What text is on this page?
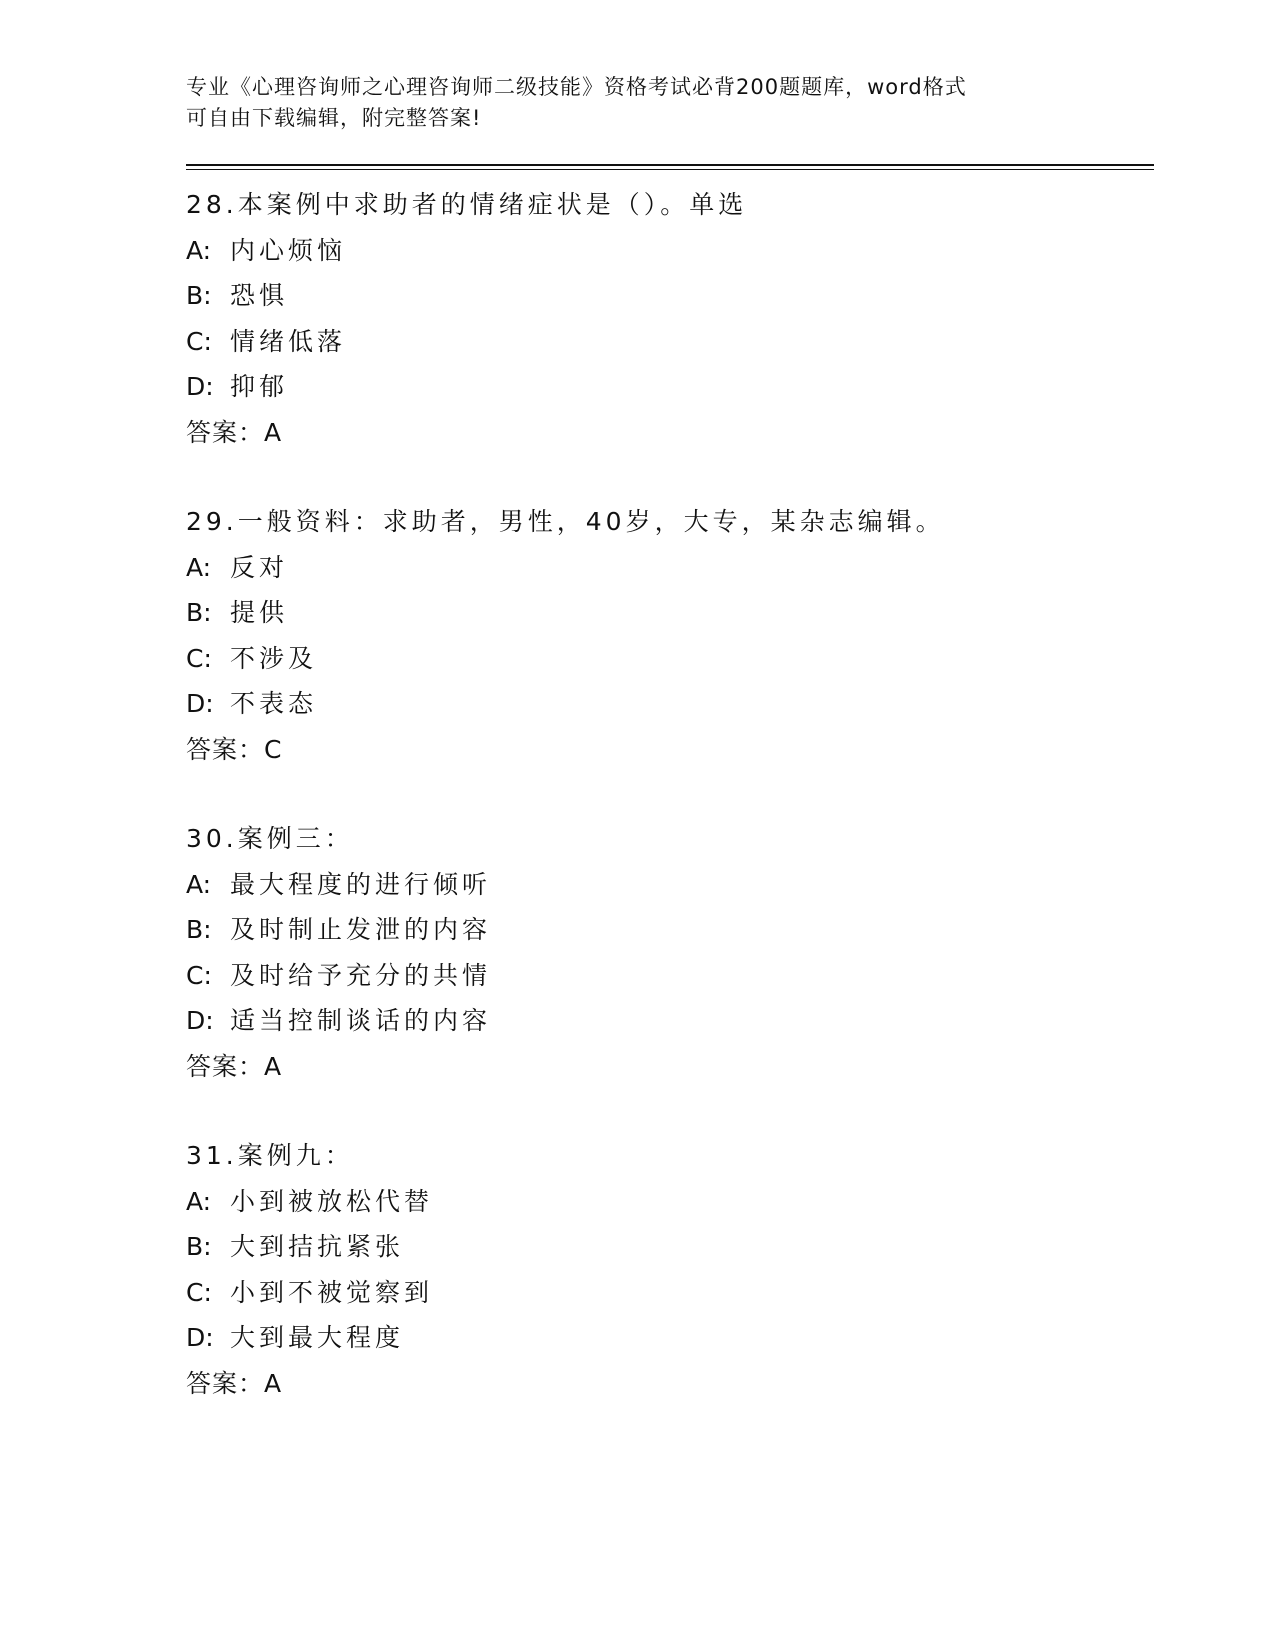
专业《心理咨询师之心理咨询师二级技能》资格考试必背200题题库，word格式
可自由下载编辑，附完整答案!
28.本案例中求助者的情绪症状是（）。单选
A: 内心烦恼
B: 恐惧
C: 情绪低落
D: 抑郁
答案：A
29.一般资料：求助者，男性，40岁，大专，某杂志编辑。
A: 反对
B: 提供
C: 不涉及
D: 不表态
答案：C
30.案例三：
A: 最大程度的进行倾听
B: 及时制止发泄的内容
C: 及时给予充分的共情
D: 适当控制谈话的内容
答案：A
31.案例九：
A: 小到被放松代替
B: 大到拮抗紧张
C: 小到不被觉察到
D: 大到最大程度
答案：A
